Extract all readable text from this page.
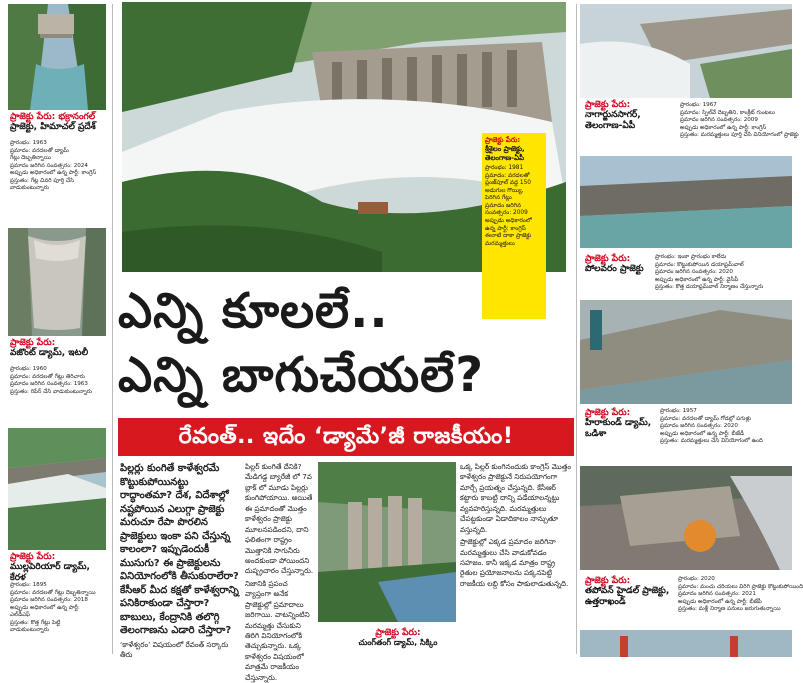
ప్రాజెక్టు పేరు: భక్రానంగల్
ప్రాజెక్టు, హిమాచల్ ప్రదేశ్
ప్రారంభం: 1963
ప్రమాదం: వరదలతో డ్యామ్
గేట్లు దెబ్బతిన్నాయి
ప్రమాదం జరిగిన సంవత్సరం: 2024
అప్పుడు అధికారంలో ఉన్న పార్టీ: కాంగ్రెస్
ప్రస్తుతం: గేట్ల చివరి పూర్తి చేసి
వాడుకుంటున్నారు
ప్రాజెక్టు పేరు:
వజొంట్ డ్యామ్, ఇటలీ
ప్రారంభం: 1960
ప్రమాదం: వరదలతో గేట్లు తెరిచారు
ప్రమాదం జరిగిన సంవత్సరం: 1963
ప్రస్తుతం: రిపేర్ చేసి వాడుకుంటున్నారు
ప్రాజెక్టు పేరు:
ముల్లపెరియార్ డ్యామ్, కేరళ
ప్రారంభం: 1895
ప్రమాదం: వరదలతో గేట్లు దెబ్బతిన్నాయి
ప్రమాదం జరిగిన సంవత్సరం: 2018
అప్పుడు అధికారంలో ఉన్న పార్టీ:
ఎల్‌డీఎఫ్
ప్రస్తుతం: కొత్త గేట్లు పెట్టి
వాడుకుంటున్నారు
ప్రాజెక్టు పేరు:
శ్రీశైలం ప్రాజెక్టు, తెలంగాణ-ఏపీ
ప్రారంభం: 1981
ప్రమాదం: వరదలతో
ప్లంజ్‌పూల్ వద్ద 150
అడుగుల గొయ్యి,
పెరిగిన గేట్లు
ప్రమాదం జరిగిన
సంవత్సరం: 2009
అప్పుడు అధికారంలో
ఉన్న పార్టీ: కాంగ్రెస్
ఈనాటి దాకా ప్రాజెక్టు
మరమ్మత్తులు
ఎన్ని కూలలే..
ఎన్ని బాగుచేయలే?
రేవంత్.. ఇదేం ‘డ్యామే’జీ రాజకీయం!

పిల్లర్లు కుంగితే కాళేశ్వరమే కొట్టుకుపోయినట్టు రాద్ధాంతమా? దేశ, విదేశాల్లో నష్టపోయిన ఎలుగ్గా ప్రాజెక్టు మరుచూ రేపా పొరలిన ప్రాజెక్టులు ఇంకా పని చేస్తున్న కాలంలా? ఇప్పుడెందుకీ ముసుగు? ఈ ప్రాజెక్టులను వినియోగంలోకి తీసుకురాలేరా? కేసీఆర్ మీద కక్షతో కాళేశ్వరాన్ని పనికిరాకుండా చేస్తారా? బాబులు, కేంద్రానికి తలొగ్గి తెలంగాణను ఎడారి చేస్తారా?

‘కాళేశ్వరం’ విషయంలో రేవంత్ సర్కారు తీరు

పిల్లర్ కుంగితే దేనికి? మేడిగడ్డ బ్యారేజీ లో 7వ బ్లాక్ లో మూడు పిల్లర్లు కుంగిపోయాయి. అయితే ఈ ప్రమాదంతో మొత్తం కాళేశ్వరం ప్రాజెక్టు మూలనపడిందని, దాని ఫలితంగా రాష్ట్రం మొత్తానికి సాగునీరు అందకుండా పోయిందని దుష్ప్రచారం చేస్తున్నారు.

నిజానికి ప్రపంచ వ్యాప్తంగా అనేక ప్రాజెక్టుల్లో ప్రమాదాలు జరిగాయి. వాటన్నింటిని మరమ్మత్తు చేసుకుని తిరిగి వినియోగంలోకి తెచ్చుకున్నారు. ఒక్క కాళేశ్వరం విషయంలో మాత్రమే రాజకీయం చేస్తున్నారు.

ప్రాజెక్టు పేరు:
చుంగ్‌తంగ్ డ్యామ్, సిక్కిం

ఒక్క పిల్లర్ కుంగినందుకు కాంగ్రెస్ మొత్తం కాళేశ్వరం ప్రాజెక్టునే నిరుపయోగంగా మార్చే ప్రయత్నం చేస్తున్నది. కేసీఆర్ కట్టారు కాబట్టి దాన్ని పడేయాలన్నట్టు వ్యవహరిస్తున్నది. మరమ్మత్తులు చేపట్టకుండా ఏడాదికాలం నాన్చుతూ వస్తున్నది.

ప్రాజెక్టుల్లో ఎక్కడ ప్రమాదం జరిగినా మరమ్మత్తులు చేసి వాడుకోవడం సహజం. కానీ ఇక్కడ మాత్రం రాష్ట్ర రైతుల ప్రయోజనాలను పక్కనపెట్టి రాజకీయ లబ్ది కోసం పాకులాడుతున్నది.

ప్రాజెక్టు పేరు:
నాగార్జునసాగర్, తెలంగాణ-ఏపీ
ప్రారంభం: 1967
ప్రమాదం: స్పిల్‌వే దెబ్బతిని, కాంక్రీట్ గుంటలు
ప్రమాదం జరిగిన సంవత్సరం: 2009
అప్పుడు అధికారంలో ఉన్న పార్టీ: కాంగ్రెస్
ప్రస్తుతం: మరమ్మత్తులు పూర్తి చేసి వినియోగంలో ప్రాజెక్టు
ప్రాజెక్టు పేరు:
పోలవరం ప్రాజెక్టు
ప్రారంభం: ఇంకా ప్రారంభం కాలేదు
ప్రమాదం: కొట్టుకుపోయిన డయాఫ్రమ్‌వాల్
ప్రమాదం జరిగిన సంవత్సరం: 2020
అప్పుడు అధికారంలో ఉన్న పార్టీ: వైసీపీ
ప్రస్తుతం: కొత్త డయాఫ్రమ్‌వాల్ నిర్మాణం చేస్తున్నారు
ప్రాజెక్టు పేరు:
హిరాకుండ్ డ్యామ్, ఒడిశా
ప్రారంభం: 1957
ప్రమాదం: వరదలతో డ్యామ్ గోడల్లో పగుళ్లు
ప్రమాదం జరిగిన సంవత్సరం: 2020
అప్పుడు అధికారంలో ఉన్న పార్టీ: బీజేడీ
ప్రస్తుతం: మరమ్మత్తులు చేసి వినియోగంలో ఉంది
ప్రాజెక్టు పేరు:
తపోవన్ హైడల్ ప్రాజెక్టు, ఉత్తరాఖండ్
ప్రారంభం: 2020
ప్రమాదం: మంచు చరియలు విరిగి ప్రాజెక్టు కొట్టుకుపోయింది
ప్రమాదం జరిగిన సంవత్సరం: 2021
అప్పుడు అధికారంలో ఉన్న పార్టీ: బీజేపీ
ప్రస్తుతం: మళ్లీ నిర్మాణ పనులు జరుగుతున్నాయి
